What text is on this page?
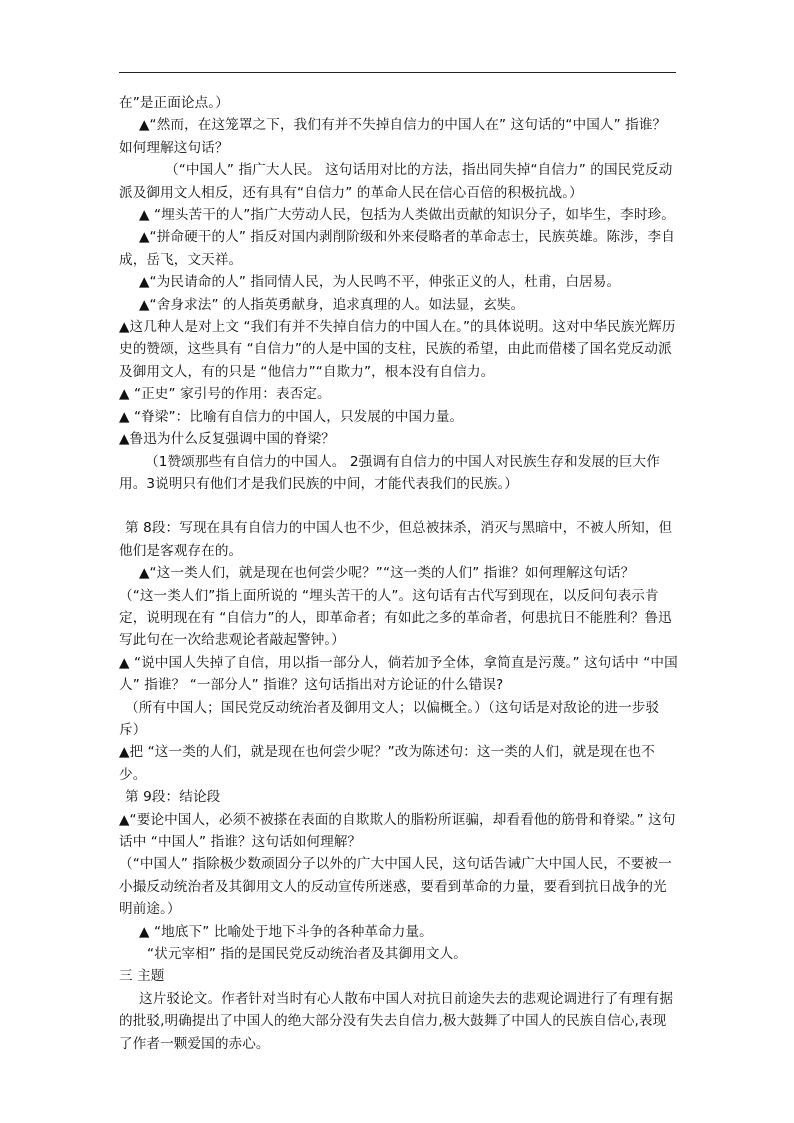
在”是正面论点。）

▲“然而，在这笼罩之下，我们有并不失掉自信力的中国人在” 这句话的“中国人” 指谁？如何理解这句话？

（“中国人” 指广大人民。 这句话用对比的方法，指出同失掉“自信力” 的国民党反动派及御用文人相反，还有具有“自信力” 的革命人民在信心百倍的积极抗战。）

▲ “埋头苦干的人”指广大劳动人民，包括为人类做出贡献的知识分子，如毕生，李时珍。

▲“拼命硬干的人” 指反对国内剥削阶级和外来侵略者的革命志士，民族英雄。陈涉，李自成，岳飞，文天祥。

▲“为民请命的人” 指同情人民，为人民鸣不平，伸张正义的人，杜甫，白居易。

▲“舍身求法” 的人指英勇献身，追求真理的人。如法显，玄奘。

▲这几种人是对上文 “我们有并不失掉自信力的中国人在。”的具体说明。这对中华民族光辉历史的赞颂，这些具有 “自信力”的人是中国的支柱，民族的希望，由此而借楼了国名党反动派及御用文人，有的只是 “他信力”“自欺力”，根本没有自信力。

▲ “正史” 家引号的作用：表否定。

▲ “脊梁”：比喻有自信力的中国人，只发展的中国力量。

▲鲁迅为什么反复强调中国的脊梁？

（1赞颂那些有自信力的中国人。 2强调有自信力的中国人对民族生存和发展的巨大作用。3说明只有他们才是我们民族的中间，才能代表我们的民族。）

第 8段：写现在具有自信力的中国人也不少，但总被抹杀，消灭与黑暗中，不被人所知，但他们是客观存在的。

▲“这一类人们，就是现在也何尝少呢？”“这一类的人们” 指谁？如何理解这句话？

（“这一类人们”指上面所说的 “埋头苦干的人”。这句话有古代写到现在，以反问句表示肯定，说明现在有 “自信力”的人，即革命者；有如此之多的革命者，何患抗日不能胜利？鲁迅写此句在一次给悲观论者敲起警钟。）

▲ “说中国人失掉了自信，用以指一部分人，倘若加予全体，拿简直是污蔑。” 这句话中 “中国人” 指谁？ “一部分人” 指谁？这句话指出对方论证的什么错误?

（所有中国人；国民党反动统治者及御用文人；以偏概全。）（这句话是对敌论的进一步驳斥）

▲把 “这一类的人们，就是现在也何尝少呢？”改为陈述句：这一类的人们，就是现在也不少。

第 9段：结论段

▲“要论中国人，必须不被搽在表面的自欺欺人的脂粉所诓骗，却看看他的筋骨和脊梁。” 这句话中 “中国人” 指谁？这句话如何理解？

（“中国人” 指除极少数顽固分子以外的广大中国人民，这句话告诫广大中国人民，不要被一小撮反动统治者及其御用文人的反动宣传所迷惑，要看到革命的力量，要看到抗日战争的光明前途。）

▲ “地底下” 比喻处于地下斗争的各种革命力量。

“状元宰相” 指的是国民党反动统治者及其御用文人。

三 主题

这片驳论文。作者针对当时有心人散布中国人对抗日前途失去的悲观论调进行了有理有据的批驳,明确提出了中国人的绝大部分没有失去自信力,极大鼓舞了中国人的民族自信心,表现了作者一颗爱国的赤心。
